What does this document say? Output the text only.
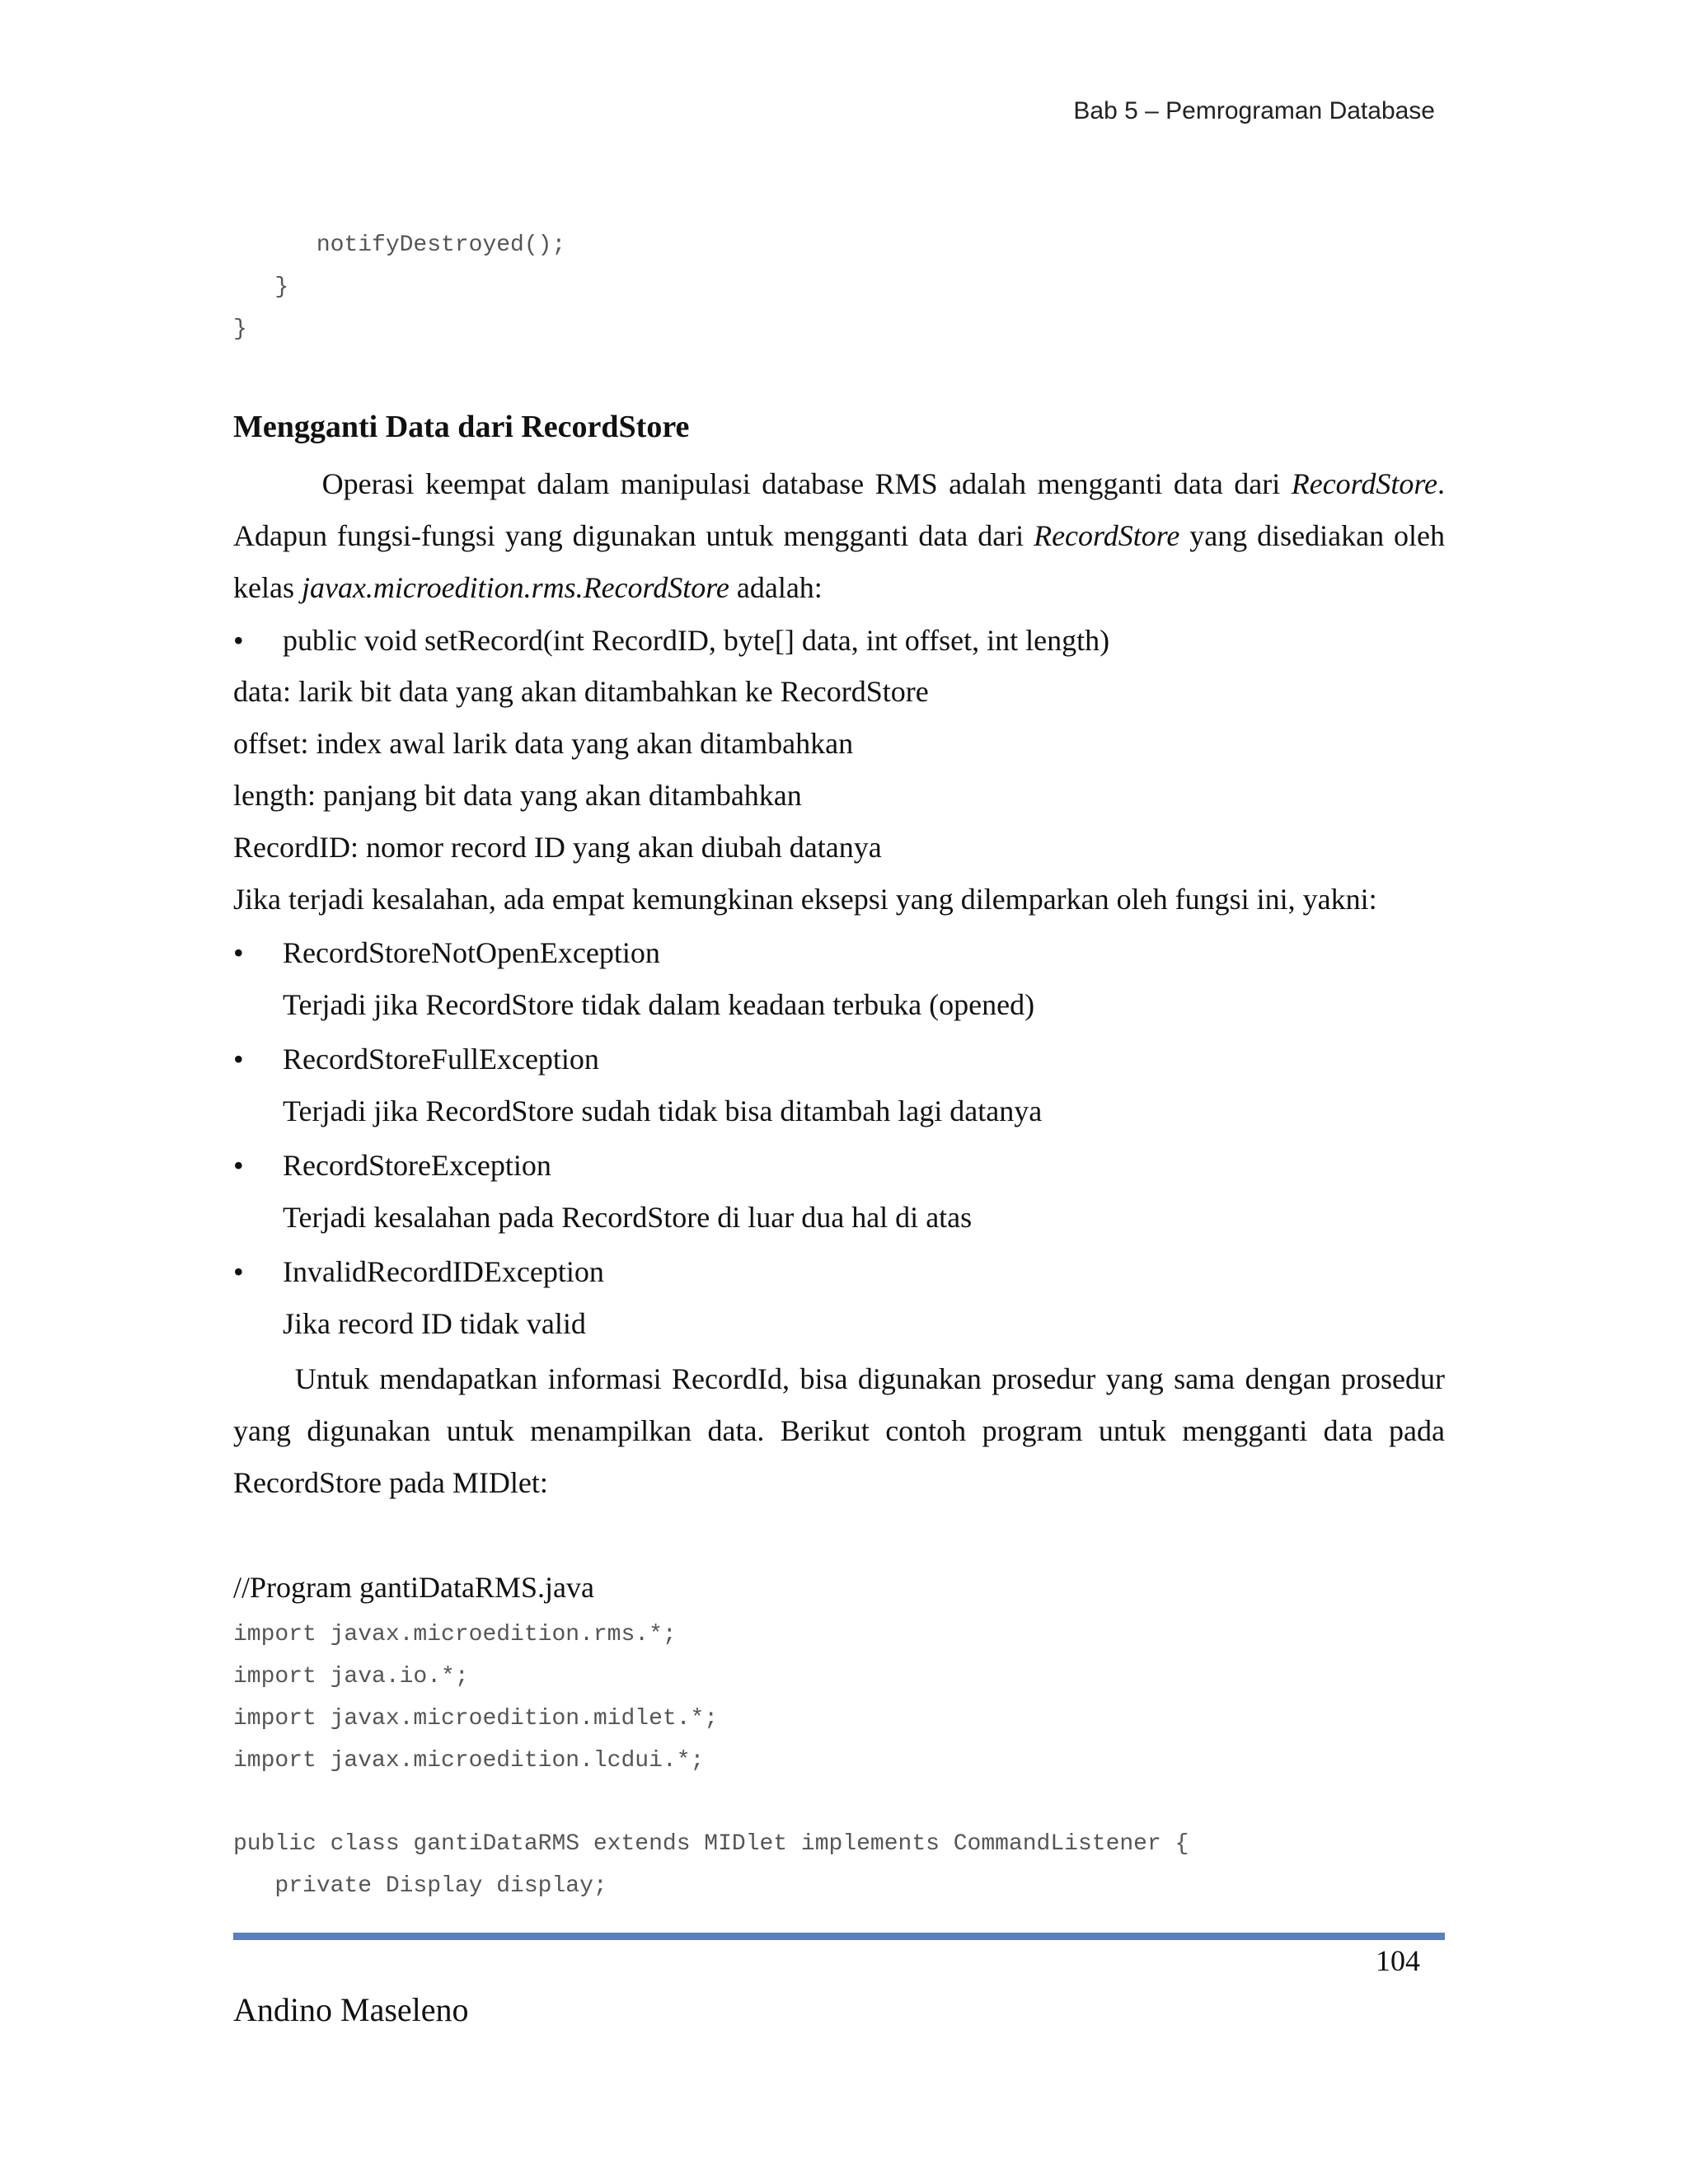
Bab 5 – Pemrograman Database
notifyDestroyed();
}
}
Mengganti Data dari RecordStore
Operasi keempat dalam manipulasi database RMS adalah mengganti data dari RecordStore.
Adapun fungsi-fungsi yang digunakan untuk mengganti data dari RecordStore yang disediakan oleh
kelas javax.microedition.rms.RecordStore adalah:
• public void setRecord(int RecordID, byte[] data, int offset, int length)
data: larik bit data yang akan ditambahkan ke RecordStore
offset: index awal larik data yang akan ditambahkan
length: panjang bit data yang akan ditambahkan
RecordID: nomor record ID yang akan diubah datanya
Jika terjadi kesalahan, ada empat kemungkinan eksepsi yang dilemparkan oleh fungsi ini, yakni:
• RecordStoreNotOpenException
Terjadi jika RecordStore tidak dalam keadaan terbuka (opened)
• RecordStoreFullException
Terjadi jika RecordStore sudah tidak bisa ditambah lagi datanya
• RecordStoreException
Terjadi kesalahan pada RecordStore di luar dua hal di atas
• InvalidRecordIDException
Jika record ID tidak valid
Untuk mendapatkan informasi RecordId, bisa digunakan prosedur yang sama dengan prosedur
yang digunakan untuk menampilkan data. Berikut contoh program untuk mengganti data pada
RecordStore pada MIDlet:
//Program gantiDataRMS.java
import javax.microedition.rms.*;
import java.io.*;
import javax.microedition.midlet.*;
import javax.microedition.lcdui.*;
public class gantiDataRMS extends MIDlet implements CommandListener {
private Display display;
104
Andino Maseleno
